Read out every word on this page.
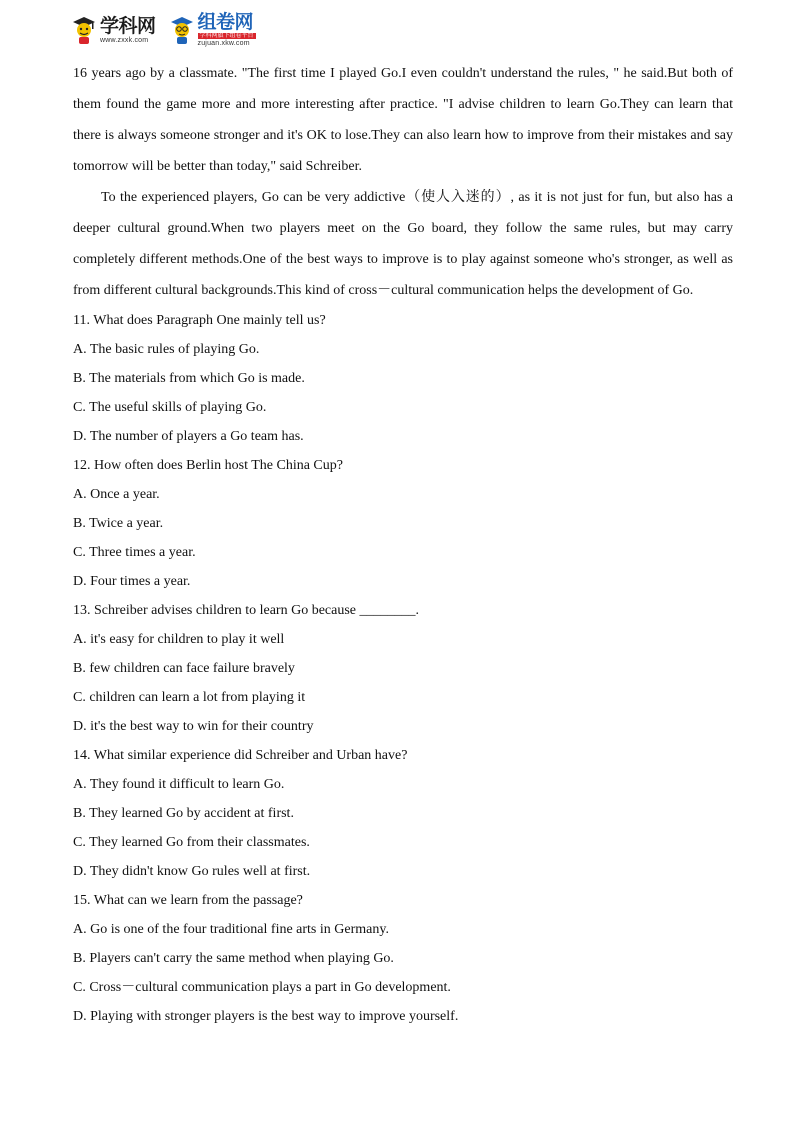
学科网
www.zxxk.com
组卷网
学科网旗下组卷平台
zujuan.xkw.com

16 years ago by a classmate. "The first time I played Go.I even couldn't understand the rules, " he said.But both of them found the game more and more interesting after practice. "I advise children to learn Go.They can learn that there is always someone stronger and it's OK to lose.They can also learn how to improve from their mistakes and say tomorrow will be better than today," said Schreiber.

To the experienced players, Go can be very addictive（使人入迷的）, as it is not just for fun, but also has a deeper cultural ground.When two players meet on the Go board, they follow the same rules, but may carry completely different methods.One of the best ways to improve is to play against someone who's stronger, as well as from different cultural backgrounds.This kind of cross－cultural communication helps the development of Go.

11. What does Paragraph One mainly tell us?

A. The basic rules of playing Go.

B. The materials from which Go is made.

C. The useful skills of playing Go.

D. The number of players a Go team has.

12. How often does Berlin host The China Cup?

A. Once a year.

B. Twice a year.

C. Three times a year.

D. Four times a year.

13. Schreiber advises children to learn Go because ________.

A. it's easy for children to play it well

B. few children can face failure bravely

C. children can learn a lot from playing it

D. it's the best way to win for their country

14. What similar experience did Schreiber and Urban have?

A. They found it difficult to learn Go.

B. They learned Go by accident at first.

C. They learned Go from their classmates.

D. They didn't know Go rules well at first.

15. What can we learn from the passage?

A. Go is one of the four traditional fine arts in Germany.

B. Players can't carry the same method when playing Go.

C. Cross－cultural communication plays a part in Go development.

D. Playing with stronger players is the best way to improve yourself.
